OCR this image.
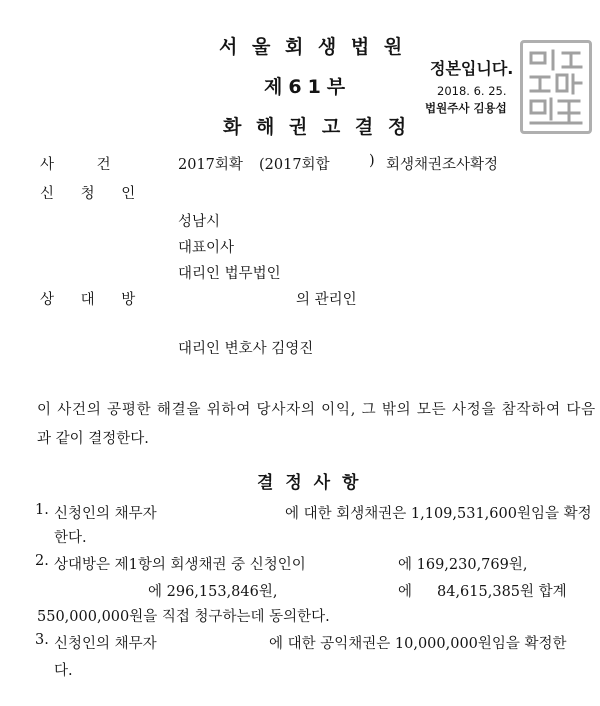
서 울 회 생 법 원
제61부
화 해 권 고 결 정
정본입니다.
2018. 6. 25.
법원주사 김용섭
사 건	2017회확 (2017회합	) 회생채권조사확정
신 청 인
성남시
대표이사
대리인 법무법인
상 대 방	의 관리인
대리인 변호사 김영진
이 사건의 공평한 해결을 위하여 당사자의 이익, 그 밖의 모든 사정을 참작하여 다음
과 같이 결정한다.
결 정 사 항
1. 신청인의 채무자	에 대한 회생채권은 1,109,531,600원임을 확정
한다.
2. 상대방은 제1항의 회생채권 중 신청인이	에 169,230,769원,
에 296,153,846원,	에 84,615,385원 합계
550,000,000원을 직접 청구하는데 동의한다.
3. 신청인의 채무자	에 대한 공익채권은 10,000,000원임을 확정한
다.
